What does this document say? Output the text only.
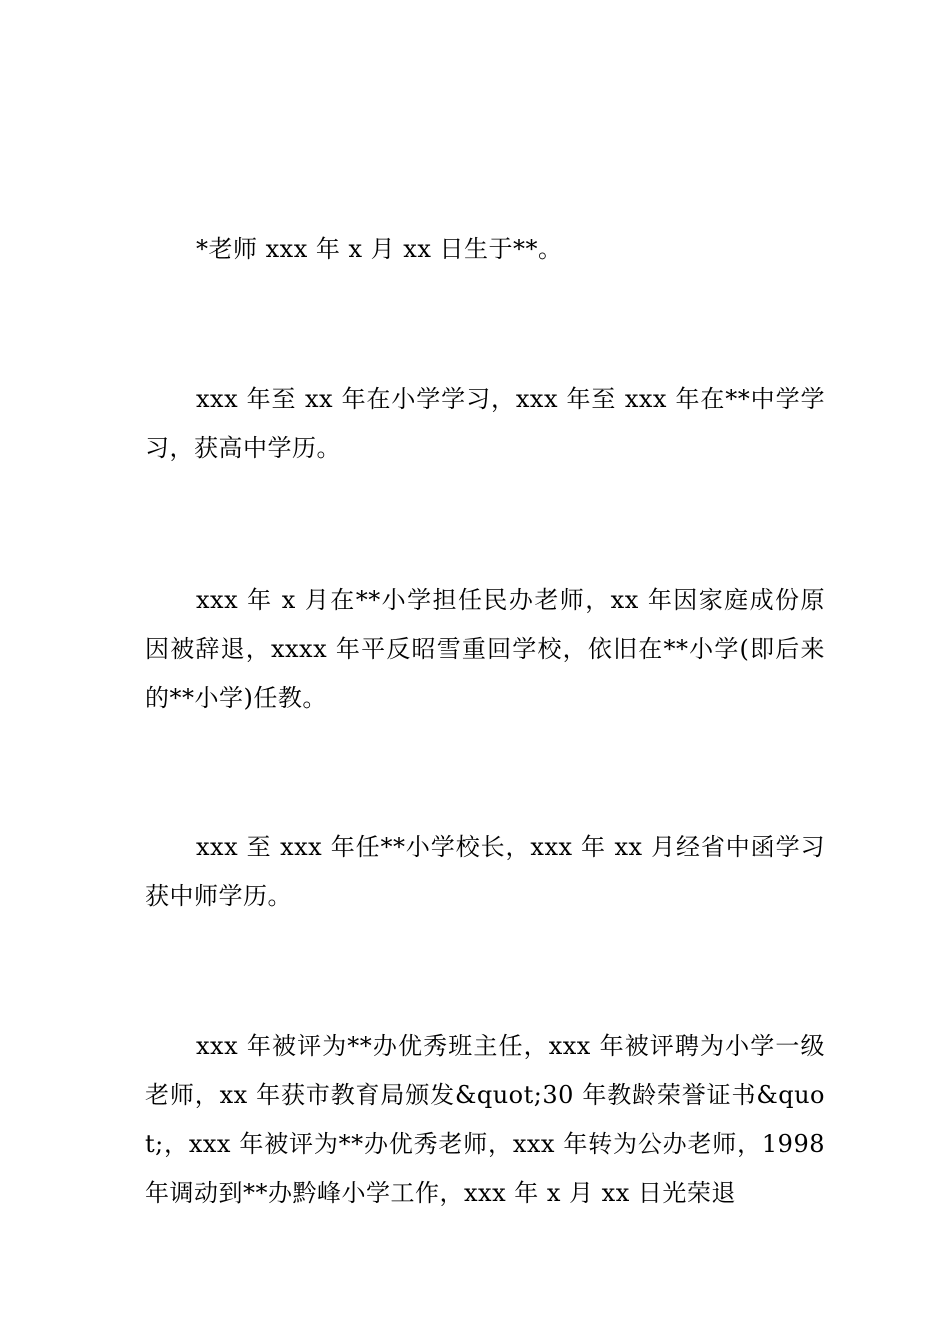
*老师 xxx 年 x 月 xx 日生于**。

xxx 年至 xx 年在小学学习，xxx 年至 xxx 年在**中学学习，获高中学历。

xxx 年 x 月在**小学担任民办老师，xx 年因家庭成份原因被辞退，xxxx 年平反昭雪重回学校，依旧在**小学(即后来的**小学)任教。

xxx 至 xxx 年任**小学校长，xxx 年 xx 月经省中函学习获中师学历。

xxx 年被评为**办优秀班主任，xxx 年被评聘为小学一级老师，xx 年获市教育局颁发&quot;30 年教龄荣誉证书&quot;，xxx 年被评为**办优秀老师，xxx 年转为公办老师，1998 年调动到**办黔峰小学工作，xxx 年 x 月 xx 日光荣退
